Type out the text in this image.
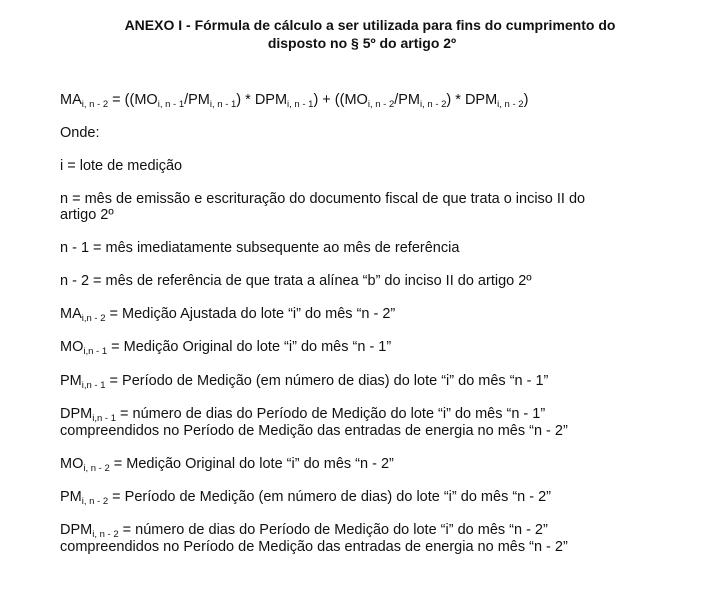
ANEXO I - Fórmula de cálculo a ser utilizada para fins do cumprimento do
disposto no § 5º do artigo 2º
$MA_{i, n - 2} = ((MO_{i, n - 1}/PM_{i, n - 1}) * DPM_{i, n - 1}) + ((MO_{i, n - 2}/PM_{i, n - 2}) * DPM_{i, n - 2})$
Onde:
i = lote de medição
n = mês de emissão e escrituração do documento fiscal de que trata o inciso II do
artigo 2º
n - 1 = mês imediatamente subsequente ao mês de referência
n - 2 = mês de referência de que trata a alínea “b” do inciso II do artigo 2º
$MA_{i,n - 2}$ = Medição Ajustada do lote “i” do mês “n - 2”
$MO_{i,n - 1}$ = Medição Original do lote “i” do mês “n - 1”
$PM_{i,n - 1}$ = Período de Medição (em número de dias) do lote “i” do mês “n - 1”
$DPM_{i,n - 1}$ = número de dias do Período de Medição do lote “i” do mês “n - 1”
compreendidos no Período de Medição das entradas de energia no mês “n - 2”
$MO_{i, n - 2}$ = Medição Original do lote “i” do mês “n - 2”
$PM_{i, n - 2}$ = Período de Medição (em número de dias) do lote “i” do mês “n - 2”
$DPM_{i, n - 2}$ = número de dias do Período de Medição do lote “i” do mês “n - 2”
compreendidos no Período de Medição das entradas de energia no mês “n - 2”
